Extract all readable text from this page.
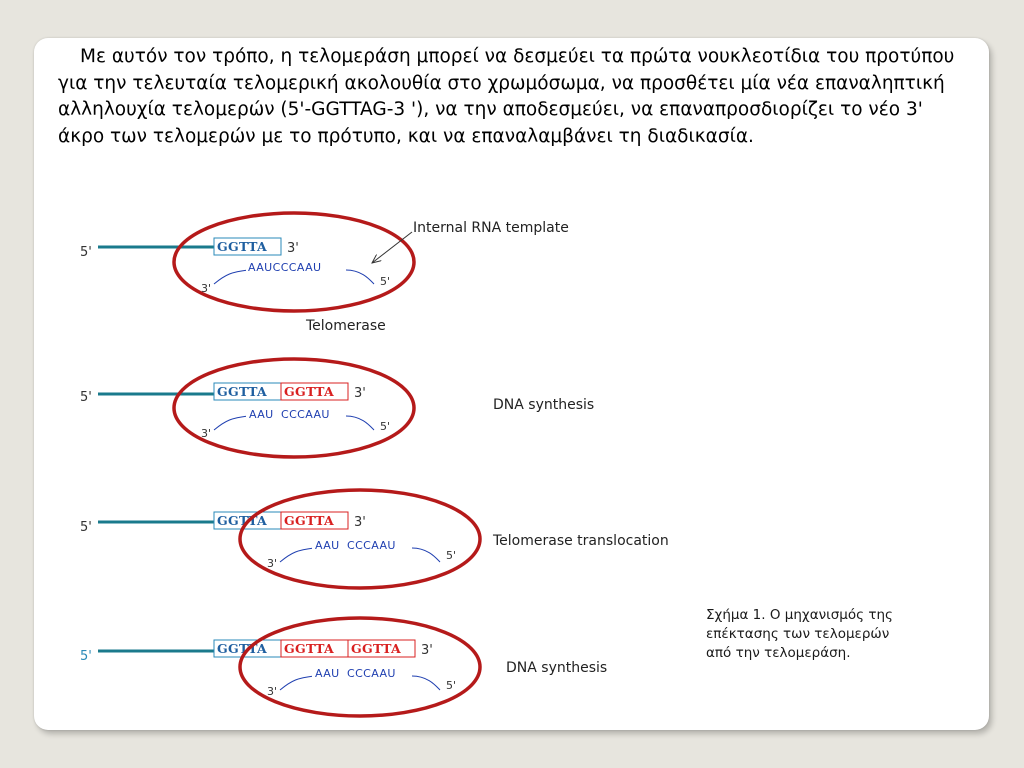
Με αυτόν τον τρόπο, η τελομεράση μπορεί να δεσμεύει τα πρώτα νουκλεοτίδια του προτύπου για την τελευταία τελομερική ακολουθία στο χρωμόσωμα, να προσθέτει μία νέα επαναληπτική αλληλουχία τελομερών (5'-GGTTAG-3 '), να την αποδεσμεύει, να επαναπροσδιορίζει το νέο 3' άκρο των τελομερών με το πρότυπο, και να επαναλαμβάνει τη διαδικασία.
5'	GGTTA 3'
AAUCCCAAU
3'
5'
Internal RNA template
Telomerase
5'	GGTTA GGTTA 3'
AAU CCCAAU
3'
5'
DNA synthesis
5'	GGTTA GGTTA 3'
AAU CCCAAU
3'
5'
Telomerase translocation
5'
GGTTA GGTTA GGTTA 3'
AAU CCCAAU
3'	5'
DNA synthesis
Σχήμα 1. Ο μηχανισμός της επέκτασης των τελομερών από την τελομεράση.
